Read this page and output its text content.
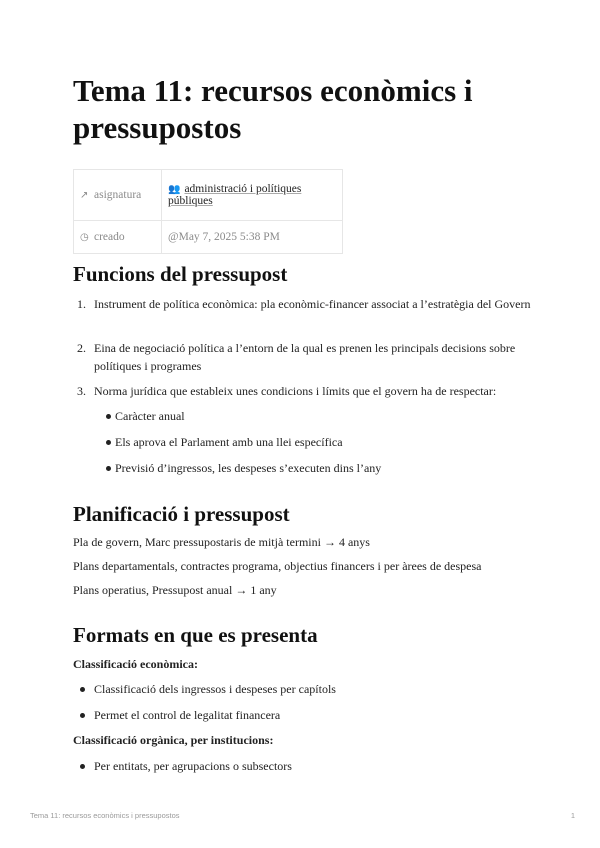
Tema 11: recursos econòmics i pressupostos
↗ asignatura	👥 administració i polítiques públiques
◷ creado	@May 7, 2025 5:38 PM
Funcions del pressupost
1. Instrument de política econòmica: pla econòmic-financer associat a l’estratègia del Govern
2. Eina de negociació política a l’entorn de la qual es prenen les principals decisions sobre polítiques i programes
3. Norma jurídica que estableix unes condicions i límits que el govern ha de respectar:
Caràcter anual
Els aprova el Parlament amb una llei específica
Previsió d’ingressos, les despeses s’executen dins l’any
Planificació i pressupost

Pla de govern, Marc pressupostaris de mitjà termini → 4 anys

Plans departamentals, contractes programa, objectius financers i per àrees de despesa

Plans operatius, Pressupost anual → 1 any

Formats en que es presenta

Classificació econòmica:

Classificació dels ingressos i despeses per capítols
Permet el control de legalitat financera

Classificació orgànica, per institucions:

Per entitats, per agrupacions o subsectors
Tema 11: recursos econòmics i pressupostos	1
